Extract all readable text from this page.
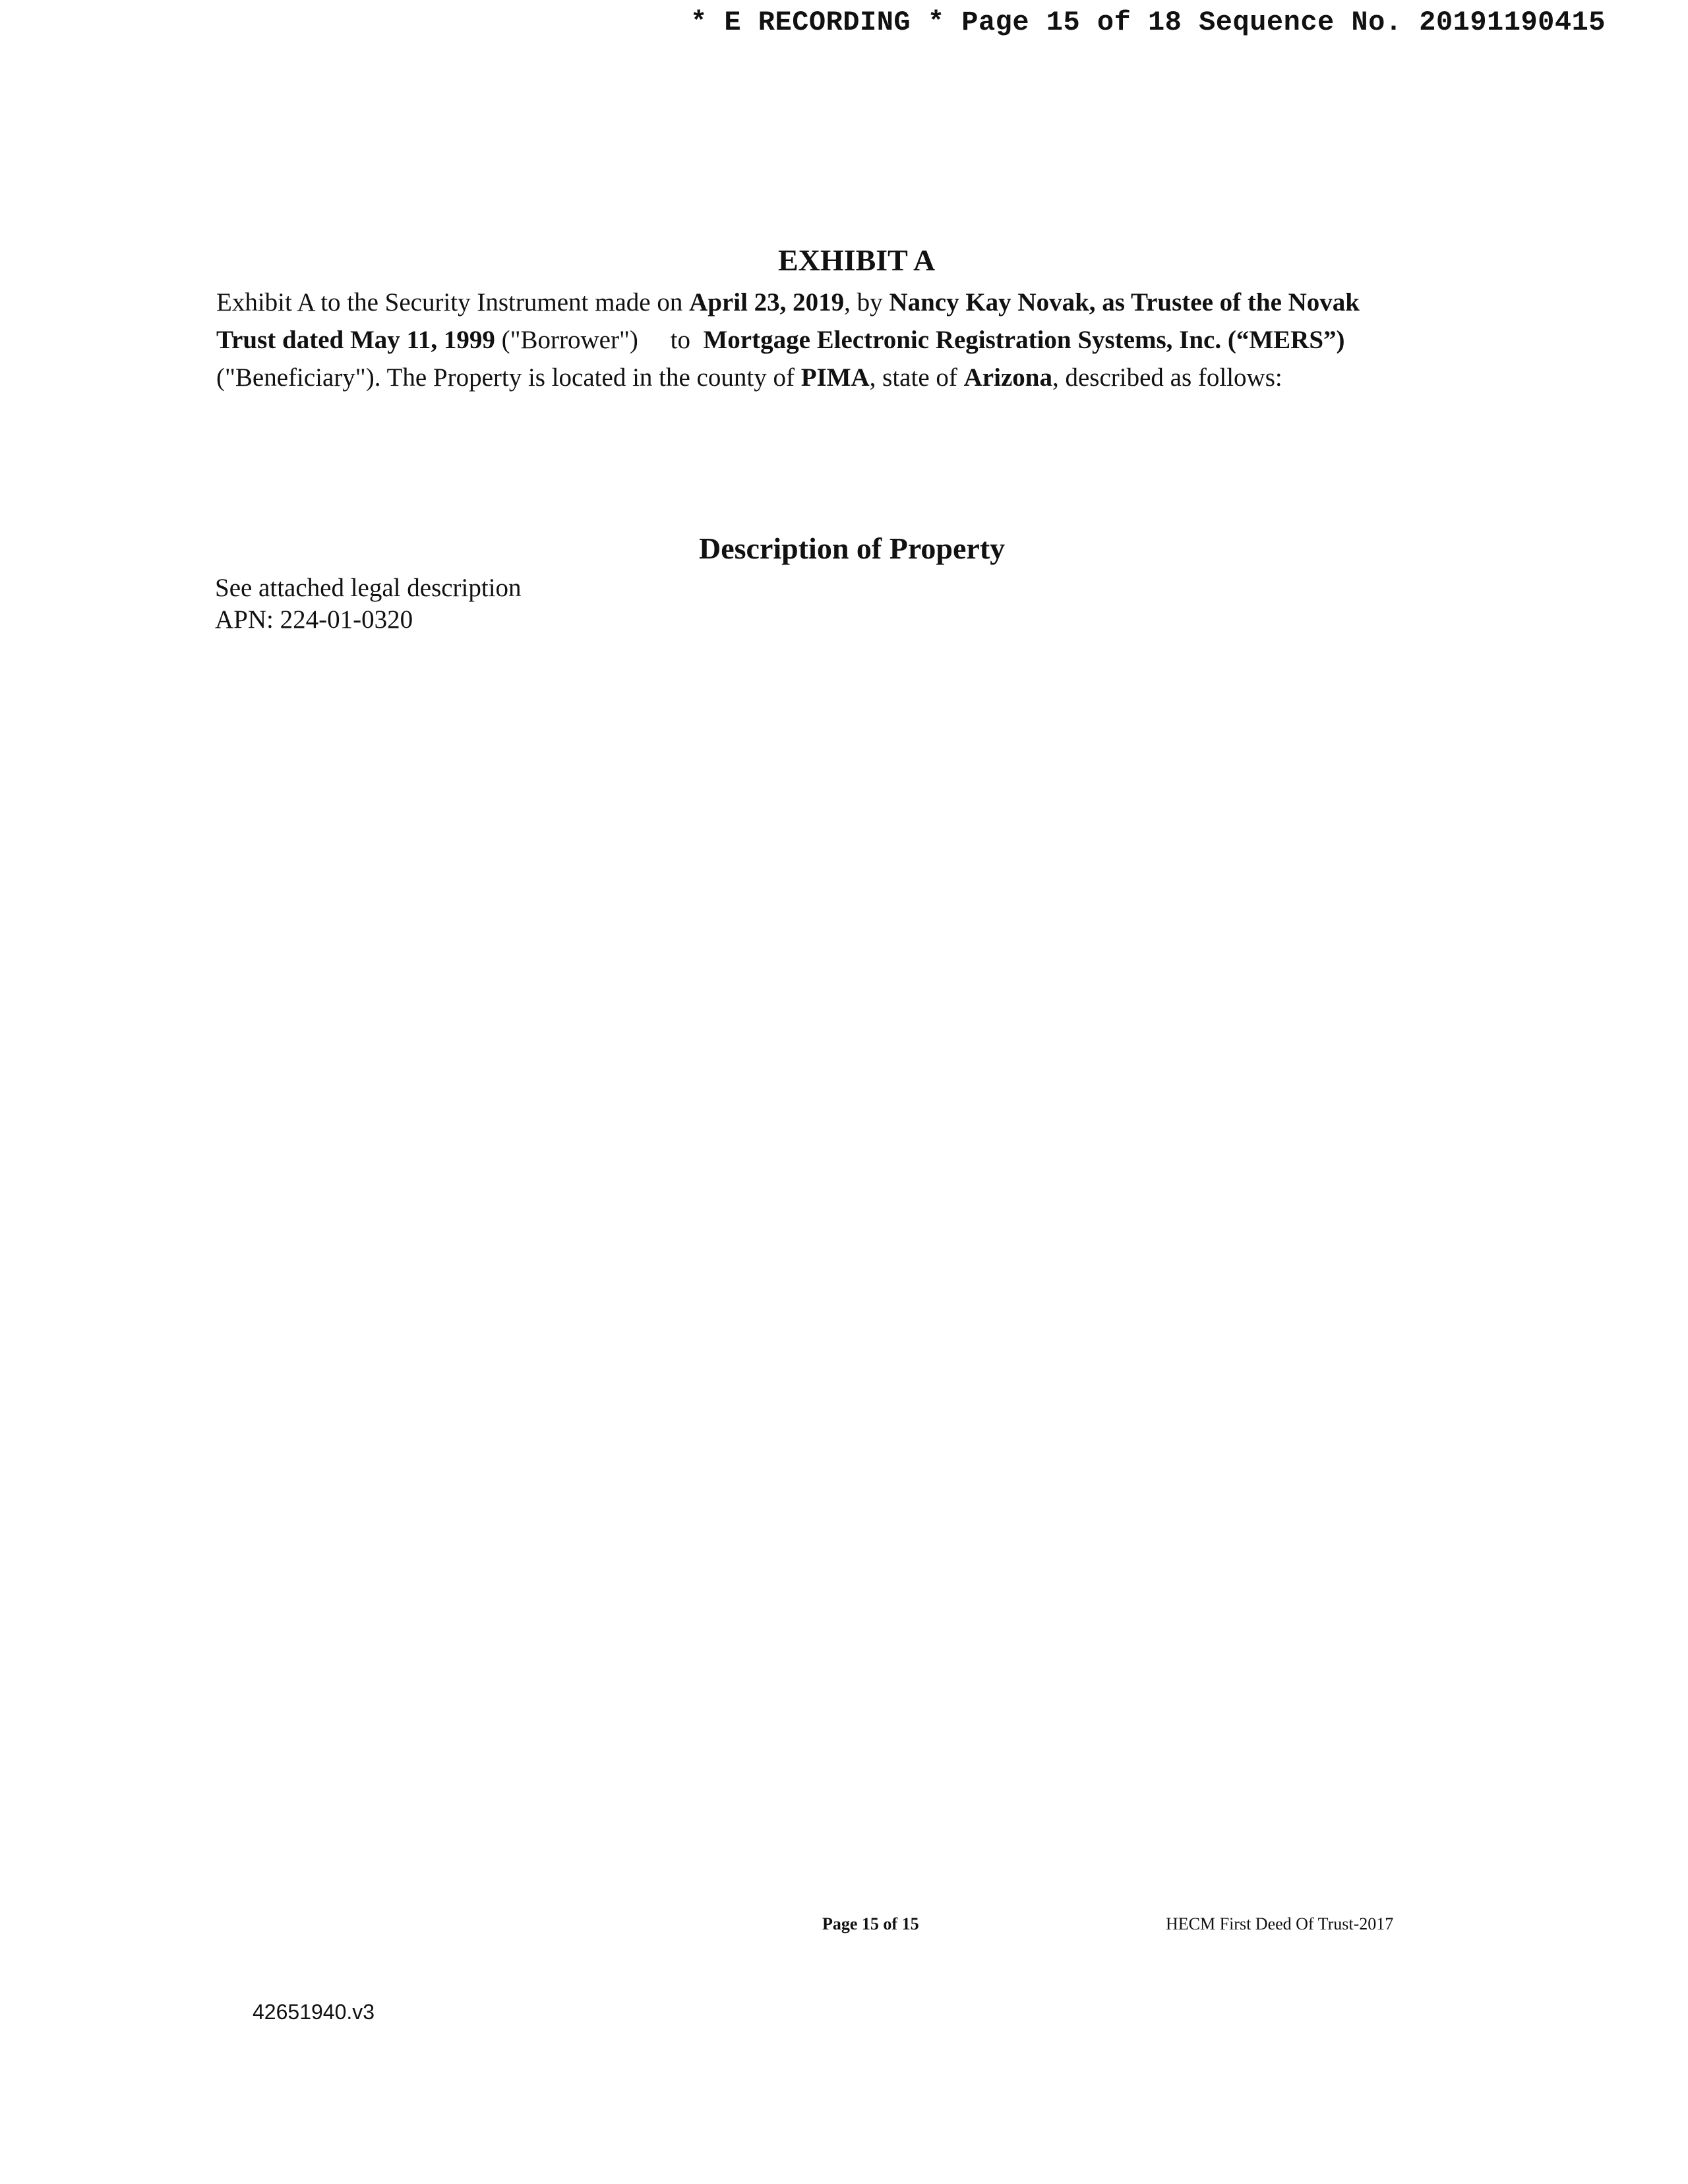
* E RECORDING * Page 15 of 18 Sequence No. 20191190415
EXHIBIT A
Exhibit A to the Security Instrument made on April 23, 2019, by Nancy Kay Novak, as Trustee of the Novak Trust dated May 11, 1999 ("Borrower")     to  Mortgage Electronic Registration Systems, Inc. (“MERS”) ("Beneficiary"). The Property is located in the county of PIMA, state of Arizona, described as follows:
Description of Property
See attached legal description
APN: 224-01-0320
Page 15 of 15	HECM First Deed Of Trust-2017
42651940.v3
